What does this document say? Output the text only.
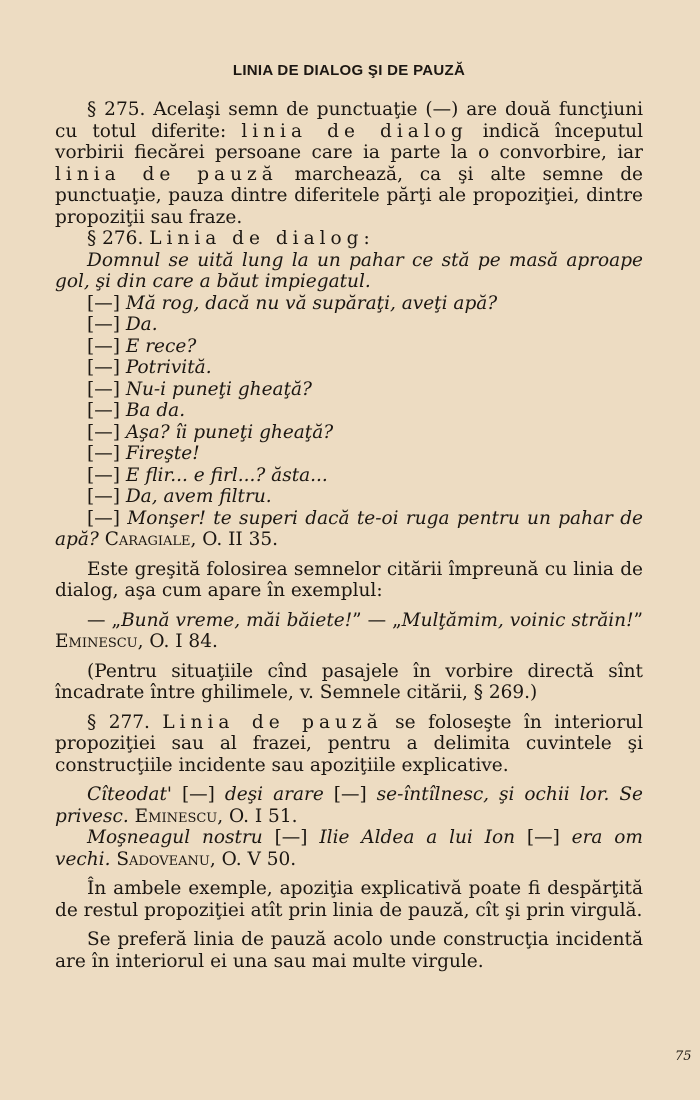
LINIA DE DIALOG ŞI DE PAUZĂ

§ 275. Acelaşi semn de punctuaţie (—) are două funcţiuni cu totul diferite: linia de dialog indică începutul vorbirii fiecărei persoane care ia parte la o convorbire, iar linia de pauză marchează, ca şi alte semne de punctuaţie, pauza dintre diferitele părţi ale propoziţiei, dintre propoziţii sau fraze.

§ 276. Linia de dialog:

Domnul se uită lung la un pahar ce stă pe masă aproape gol, şi din care a băut impiegatul.

[—] Mă rog, dacă nu vă supăraţi, aveţi apă?

[—] Da.

[—] E rece?

[—] Potrivită.

[—] Nu-i puneţi gheaţă?

[—] Ba da.

[—] Aşa? îi puneţi gheaţă?

[—] Fireşte!

[—] E flir... e firl...? ăsta...

[—] Da, avem filtru.

[—] Monşer! te superi dacă te-oi ruga pentru un pahar de apă? Caragiale, O. II 35.

Este greşită folosirea semnelor citării împreună cu linia de dialog, aşa cum apare în exemplul:

— „Bună vreme, măi băiete!” — „Mulţămim, voinic străin!” Eminescu, O. I 84.

(Pentru situaţiile cînd pasajele în vorbire directă sînt încadrate între ghilimele, v. Semnele citării, § 269.)

§ 277. Linia de pauză se foloseşte în interiorul propoziţiei sau al frazei, pentru a delimita cuvintele şi construcţiile incidente sau apoziţiile explicative.

Cîteodat' [—] deşi arare [—] se-întîlnesc, şi ochii lor. Se privesc. Eminescu, O. I 51.

Moşneagul nostru [—] Ilie Aldea a lui Ion [—] era om vechi. Sadoveanu, O. V 50.

În ambele exemple, apoziţia explicativă poate fi despărţită de restul propoziţiei atît prin linia de pauză, cît şi prin virgulă.

Se preferă linia de pauză acolo unde construcţia incidentă are în interiorul ei una sau mai multe virgule.

75
